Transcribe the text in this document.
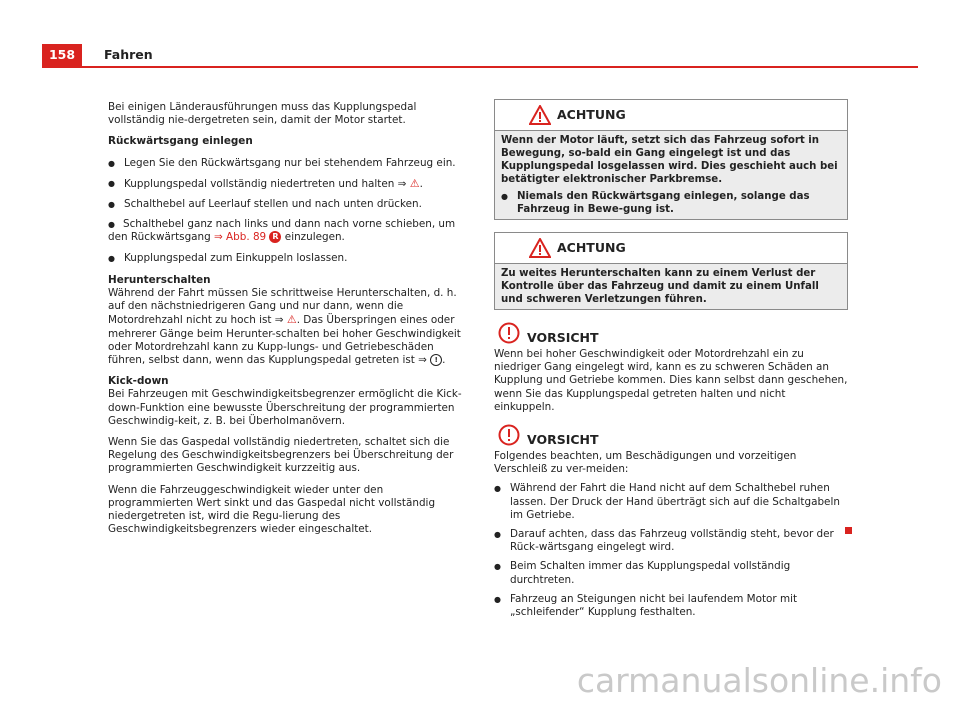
158	Fahren

Bei einigen Länderausführungen muss das Kupplungspedal vollständig nie-dergetreten sein, damit der Motor startet.

Rückwärtsgang einlegen

● Legen Sie den Rückwärtsgang nur bei stehendem Fahrzeug ein.
● Kupplungspedal vollständig niedertreten und halten ⇒ ⚠.
● Schalthebel auf Leerlauf stellen und nach unten drücken.
● Schalthebel ganz nach links und dann nach vorne schieben, um den Rückwärtsgang ⇒ Abb. 89 R einzulegen.
● Kupplungspedal zum Einkuppeln loslassen.

Herunterschalten

Während der Fahrt müssen Sie schrittweise Herunterschalten, d. h. auf den nächstniedrigeren Gang und nur dann, wenn die Motordrehzahl nicht zu hoch ist ⇒ ⚠. Das Überspringen eines oder mehrerer Gänge beim Herunter-schalten bei hoher Geschwindigkeit oder Motordrehzahl kann zu Kupp-lungs- und Getriebeschäden führen, selbst dann, wenn das Kupplungspedal getreten ist ⇒ ! .

Kick-down

Bei Fahrzeugen mit Geschwindigkeitsbegrenzer ermöglicht die Kick-down-Funktion eine bewusste Überschreitung der programmierten Geschwindig-keit, z. B. bei Überholmanövern.

Wenn Sie das Gaspedal vollständig niedertreten, schaltet sich die Regelung des Geschwindigkeitsbegrenzers bei Überschreitung der programmierten Geschwindigkeit kurzzeitig aus.

Wenn die Fahrzeuggeschwindigkeit wieder unter den programmierten Wert sinkt und das Gaspedal nicht vollständig niedergetreten ist, wird die Regu-lierung des Geschwindigkeitsbegrenzers wieder eingeschaltet.

ACHTUNG

Wenn der Motor läuft, setzt sich das Fahrzeug sofort in Bewegung, so-bald ein Gang eingelegt ist und das Kupplungspedal losgelassen wird. Dies geschieht auch bei betätigter elektronischer Parkbremse.

● Niemals den Rückwärtsgang einlegen, solange das Fahrzeug in Bewe-gung ist.
ACHTUNG

Zu weites Herunterschalten kann zu einem Verlust der Kontrolle über das Fahrzeug und damit zu einem Unfall und schweren Verletzungen führen.

VORSICHT

Wenn bei hoher Geschwindigkeit oder Motordrehzahl ein zu niedriger Gang eingelegt wird, kann es zu schweren Schäden an Kupplung und Getriebe kommen. Dies kann selbst dann geschehen, wenn Sie das Kupplungspedal getreten halten und nicht einkuppeln.

VORSICHT

Folgendes beachten, um Beschädigungen und vorzeitigen Verschleiß zu ver-meiden:

● Während der Fahrt die Hand nicht auf dem Schalthebel ruhen lassen. Der Druck der Hand überträgt sich auf die Schaltgabeln im Getriebe.
● Darauf achten, dass das Fahrzeug vollständig steht, bevor der Rück-wärtsgang eingelegt wird.
● Beim Schalten immer das Kupplungspedal vollständig durchtreten.
● Fahrzeug an Steigungen nicht bei laufendem Motor mit „schleifender“ Kupplung festhalten.
carmanualsonline.info
